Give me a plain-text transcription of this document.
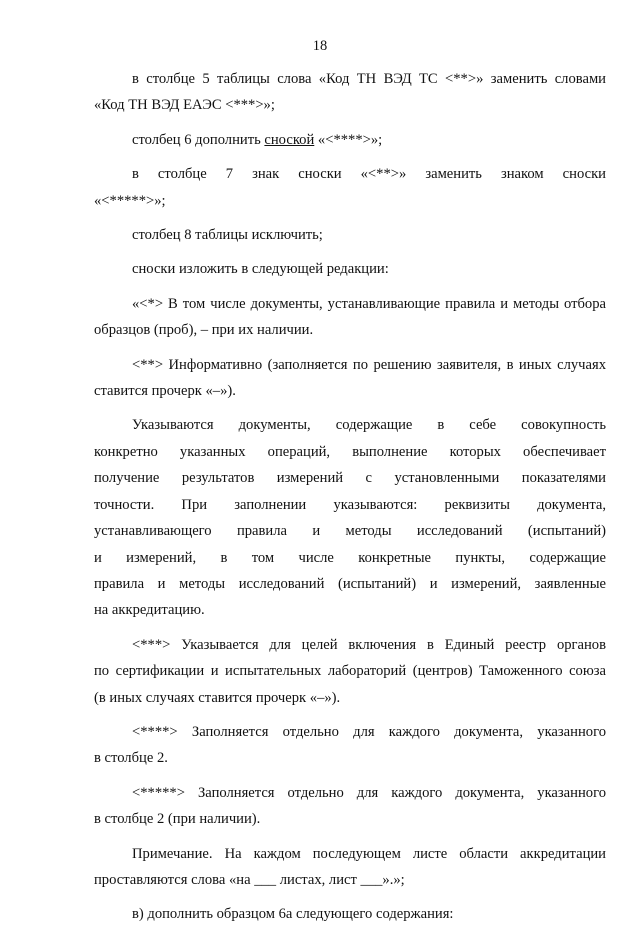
18
в столбце 5 таблицы слова «Код ТН ВЭД ТС <**>» заменить словами
«Код ТН ВЭД ЕАЭС <***>»;
столбец 6 дополнить сноской «<****>»;
в столбце 7 знак сноски «<**>» заменить знаком сноски
«<*****>»;
столбец 8 таблицы исключить;
сноски изложить в следующей редакции:
«<*> В том числе документы, устанавливающие правила и методы отбора
образцов (проб), – при их наличии.
<**> Информативно (заполняется по решению заявителя, в иных случаях
ставится прочерк «–»).
Указываются документы, содержащие в себе совокупность
конкретно указанных операций, выполнение которых обеспечивает
получение результатов измерений с установленными показателями
точности. При заполнении указываются: реквизиты документа,
устанавливающего правила и методы исследований (испытаний)
и измерений, в том числе конкретные пункты, содержащие
правила и методы исследований (испытаний) и измерений, заявленные
на аккредитацию.
<***> Указывается для целей включения в Единый реестр органов
по сертификации и испытательных лабораторий (центров) Таможенного союза
(в иных случаях ставится прочерк «–»).
<****> Заполняется отдельно для каждого документа, указанного
в столбце 2.
<*****> Заполняется отдельно для каждого документа, указанного
в столбце 2 (при наличии).
Примечание. На каждом последующем листе области аккредитации
проставляются слова «на ___ листах, лист ___».»;
в) дополнить образцом 6а следующего содержания:
